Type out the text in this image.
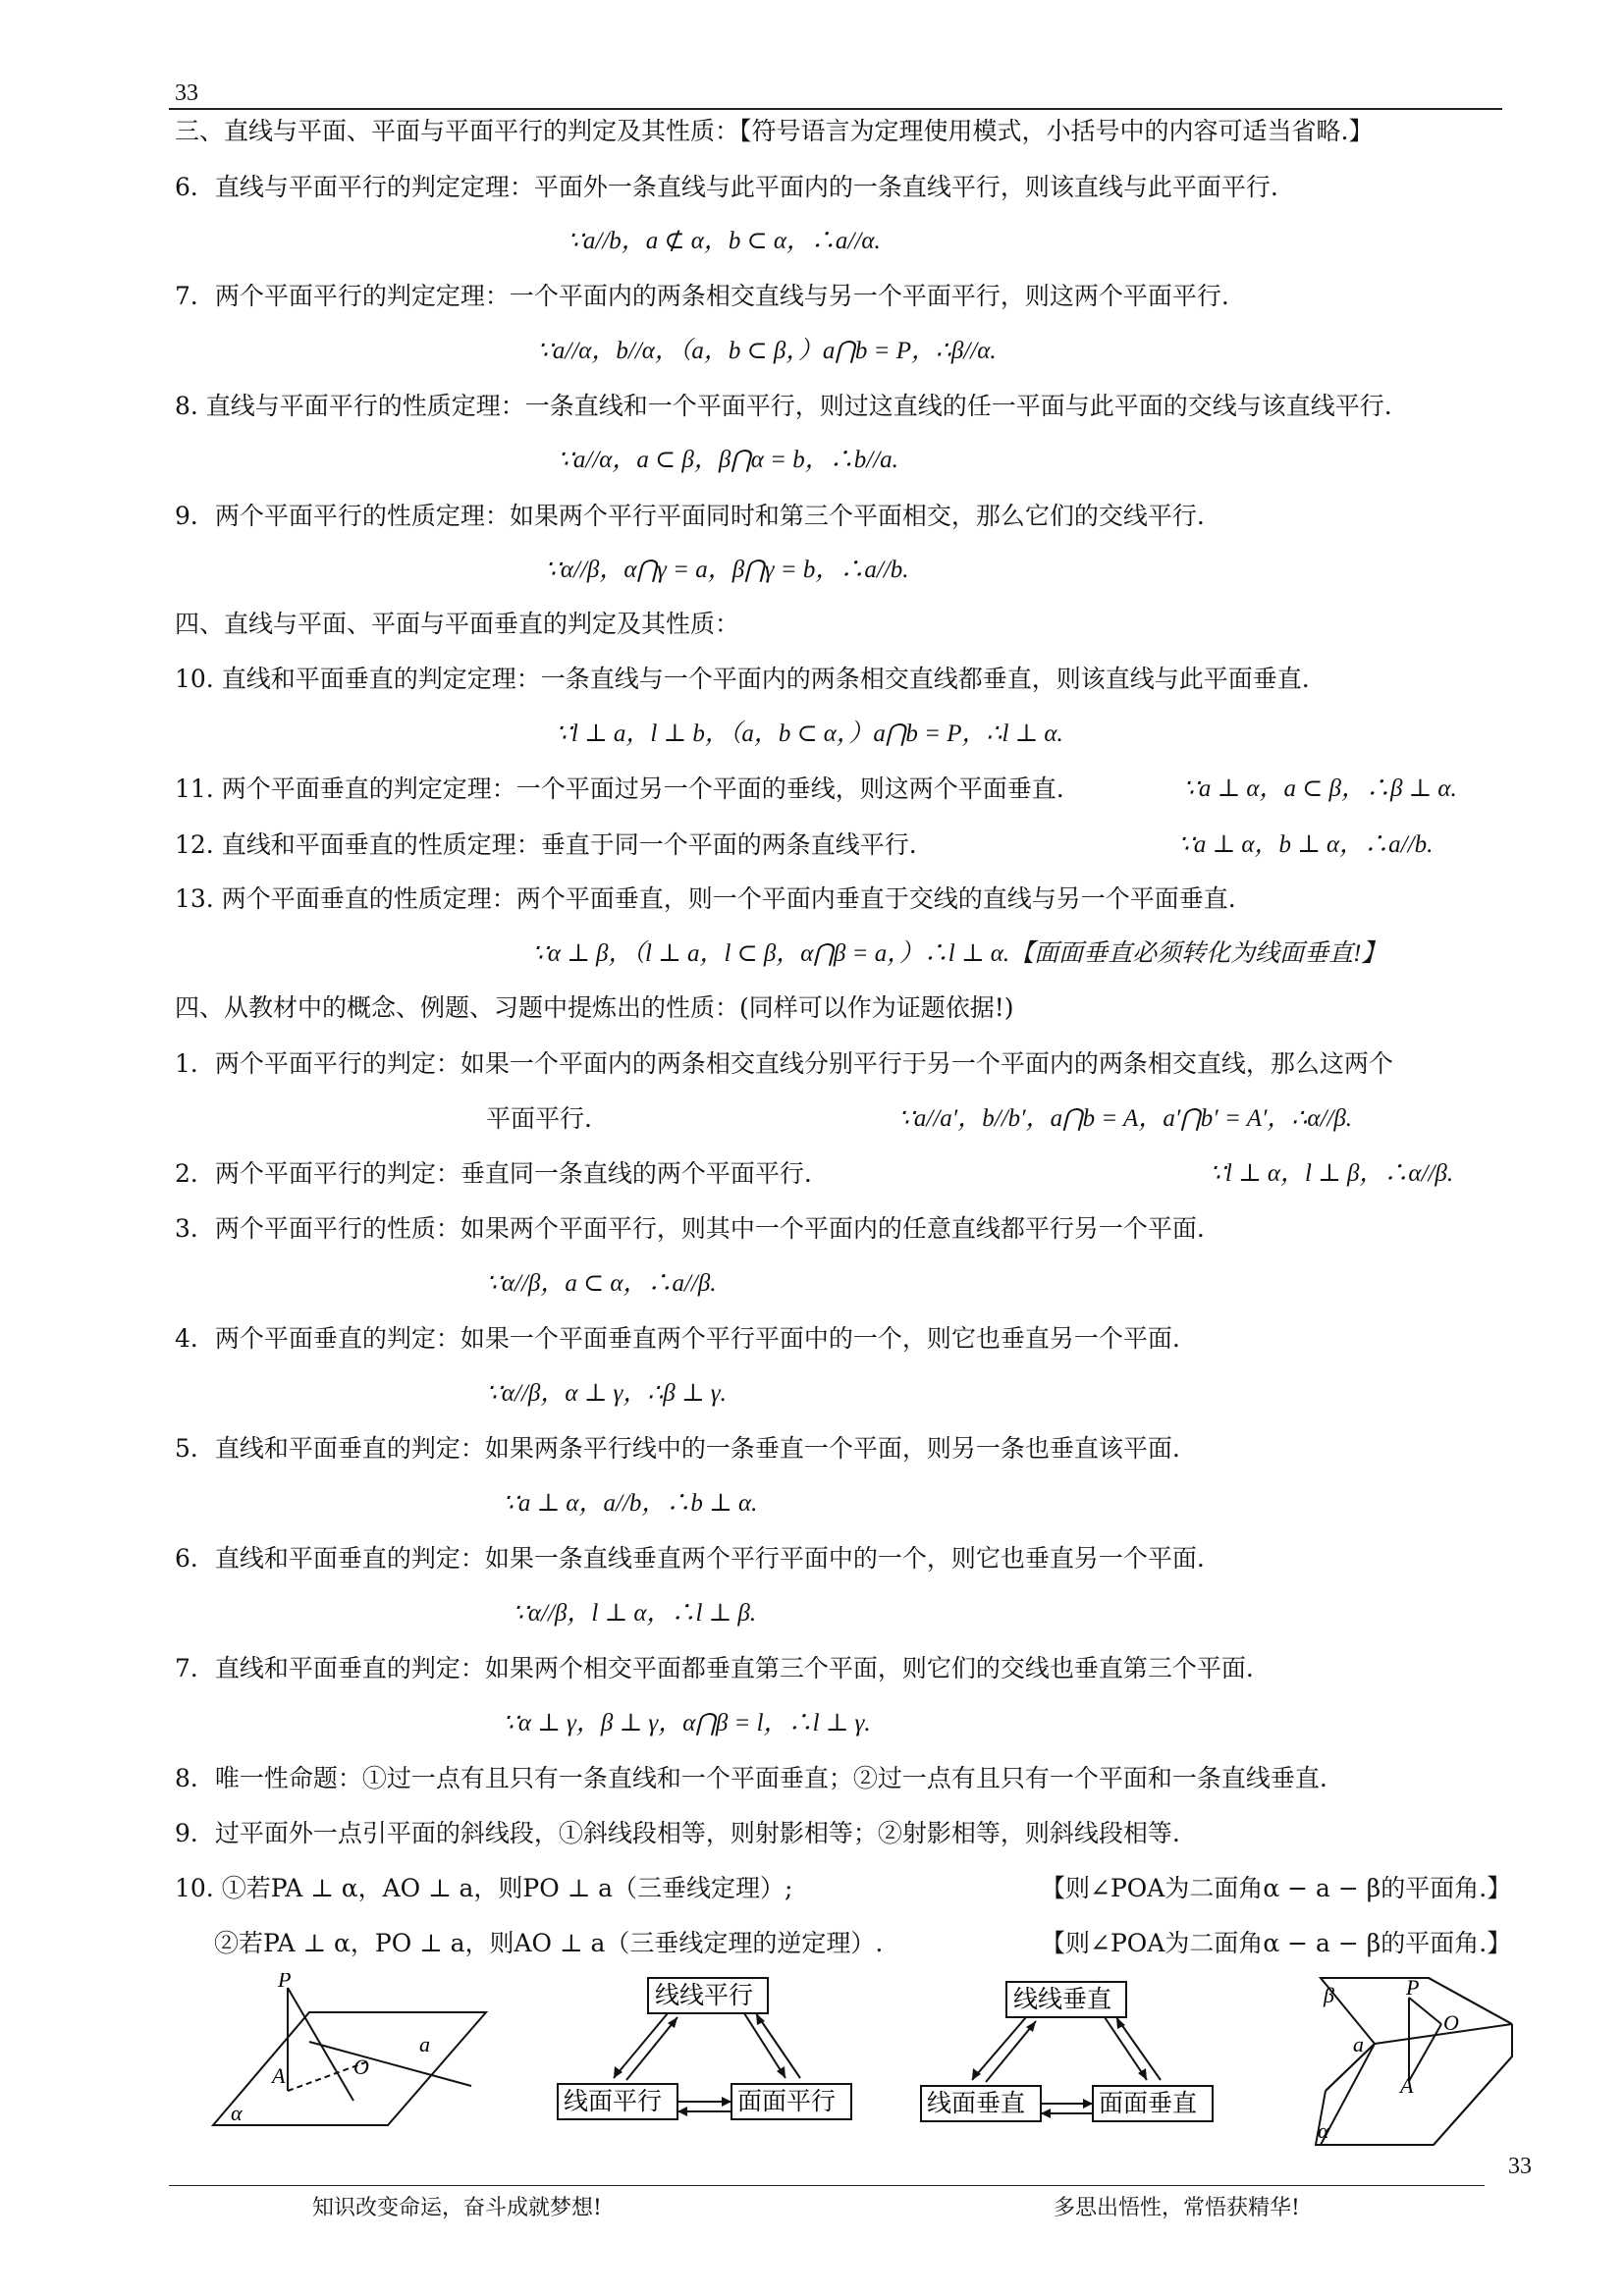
33
三、直线与平面、平面与平面平行的判定及其性质：【符号语言为定理使用模式，小括号中的内容可适当省略.】
6．直线与平面平行的判定定理：平面外一条直线与此平面内的一条直线平行，则该直线与此平面平行.
∵a//b，a ⊄ α，b ⊂ α，∴a//α.
7．两个平面平行的判定定理：一个平面内的两条相交直线与另一个平面平行，则这两个平面平行.
∵a//α，b//α，（a，b ⊂ β，）a⋂b = P，∴β//α.
8. 直线与平面平行的性质定理：一条直线和一个平面平行，则过这直线的任一平面与此平面的交线与该直线平行.
∵a//α，a ⊂ β，β⋂α = b，∴b//a.
9．两个平面平行的性质定理：如果两个平行平面同时和第三个平面相交，那么它们的交线平行.
∵α//β，α⋂γ = a，β⋂γ = b，∴a//b.
四、直线与平面、平面与平面垂直的判定及其性质：
10. 直线和平面垂直的判定定理：一条直线与一个平面内的两条相交直线都垂直，则该直线与此平面垂直.
∵l ⊥ a，l ⊥ b，（a，b ⊂ α，）a⋂b = P，∴l ⊥ α.
11. 两个平面垂直的判定定理：一个平面过另一个平面的垂线，则这两个平面垂直.	∵a ⊥ α，a ⊂ β，∴β ⊥ α.
12. 直线和平面垂直的性质定理：垂直于同一个平面的两条直线平行.	∵a ⊥ α，b ⊥ α，∴a//b.
13. 两个平面垂直的性质定理：两个平面垂直，则一个平面内垂直于交线的直线与另一个平面垂直.
∵α ⊥ β，（l ⊥ a，l ⊂ β，α⋂β = a，）∴l ⊥ α.【面面垂直必须转化为线面垂直!】
四、从教材中的概念、例题、习题中提炼出的性质：(同样可以作为证题依据!)
1．两个平面平行的判定：如果一个平面内的两条相交直线分别平行于另一个平面内的两条相交直线，那么这两个
平面平行.	∵a//a′，b//b′，a⋂b = A，a′⋂b′ = A′，∴α//β.
2．两个平面平行的判定：垂直同一条直线的两个平面平行.	∵l ⊥ α，l ⊥ β，∴α//β.
3．两个平面平行的性质：如果两个平面平行，则其中一个平面内的任意直线都平行另一个平面.
∵α//β，a ⊂ α，∴a//β.
4．两个平面垂直的判定：如果一个平面垂直两个平行平面中的一个，则它也垂直另一个平面.
∵α//β，α ⊥ γ，∴β ⊥ γ.
5．直线和平面垂直的判定：如果两条平行线中的一条垂直一个平面，则另一条也垂直该平面.
∵a ⊥ α，a//b，∴b ⊥ α.
6．直线和平面垂直的判定：如果一条直线垂直两个平行平面中的一个，则它也垂直另一个平面.
∵α//β，l ⊥ α，∴l ⊥ β.
7．直线和平面垂直的判定：如果两个相交平面都垂直第三个平面，则它们的交线也垂直第三个平面.
∵α ⊥ γ，β ⊥ γ，α⋂β = l，∴l ⊥ γ.
8．唯一性命题：①过一点有且只有一条直线和一个平面垂直；②过一点有且只有一个平面和一条直线垂直.
9．过平面外一点引平面的斜线段，①斜线段相等，则射影相等；②射影相等，则斜线段相等.
10. ①若PA ⊥ α，AO ⊥ a，则PO ⊥ a（三垂线定理）;	【则∠POA为二面角α − a − β的平面角.】
②若PA ⊥ α，PO ⊥ a，则AO ⊥ a（三垂线定理的逆定理）.	【则∠POA为二面角α − a − β的平面角.】
P
A	O
a
α
线线平行
线面平行	面面平行
线线垂直
线面垂直	面面垂直
β	P
a
O
A
α
33
知识改变命运，奋斗成就梦想!	多思出悟性，常悟获精华!
